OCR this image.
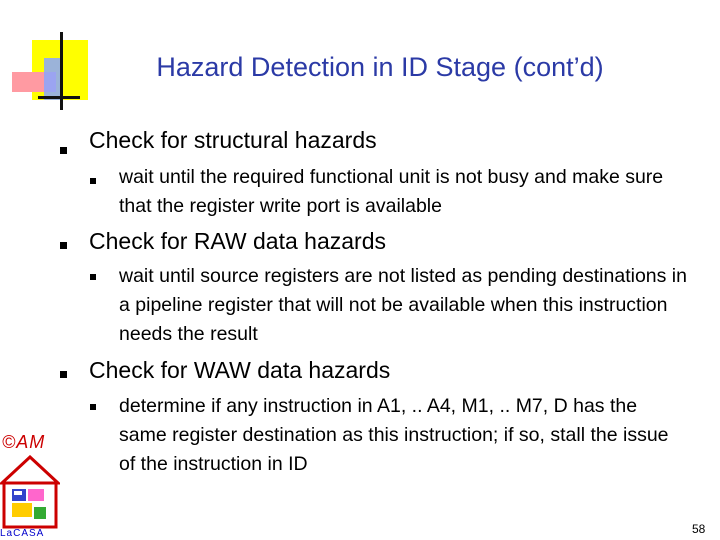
Hazard Detection in ID Stage (cont’d)
Check for structural hazards
wait until the required functional unit is not busy and make sure that the register write port is available
Check for RAW data hazards
wait until source registers are not listed as pending destinations in a pipeline register that will not be available when this instruction needs the result
Check for WAW data hazards
determine if any instruction in A1, .. A4, M1, .. M7, D has the same register destination as this instruction; if so, stall the issue of the instruction in ID
©AM
LaCASA	58
